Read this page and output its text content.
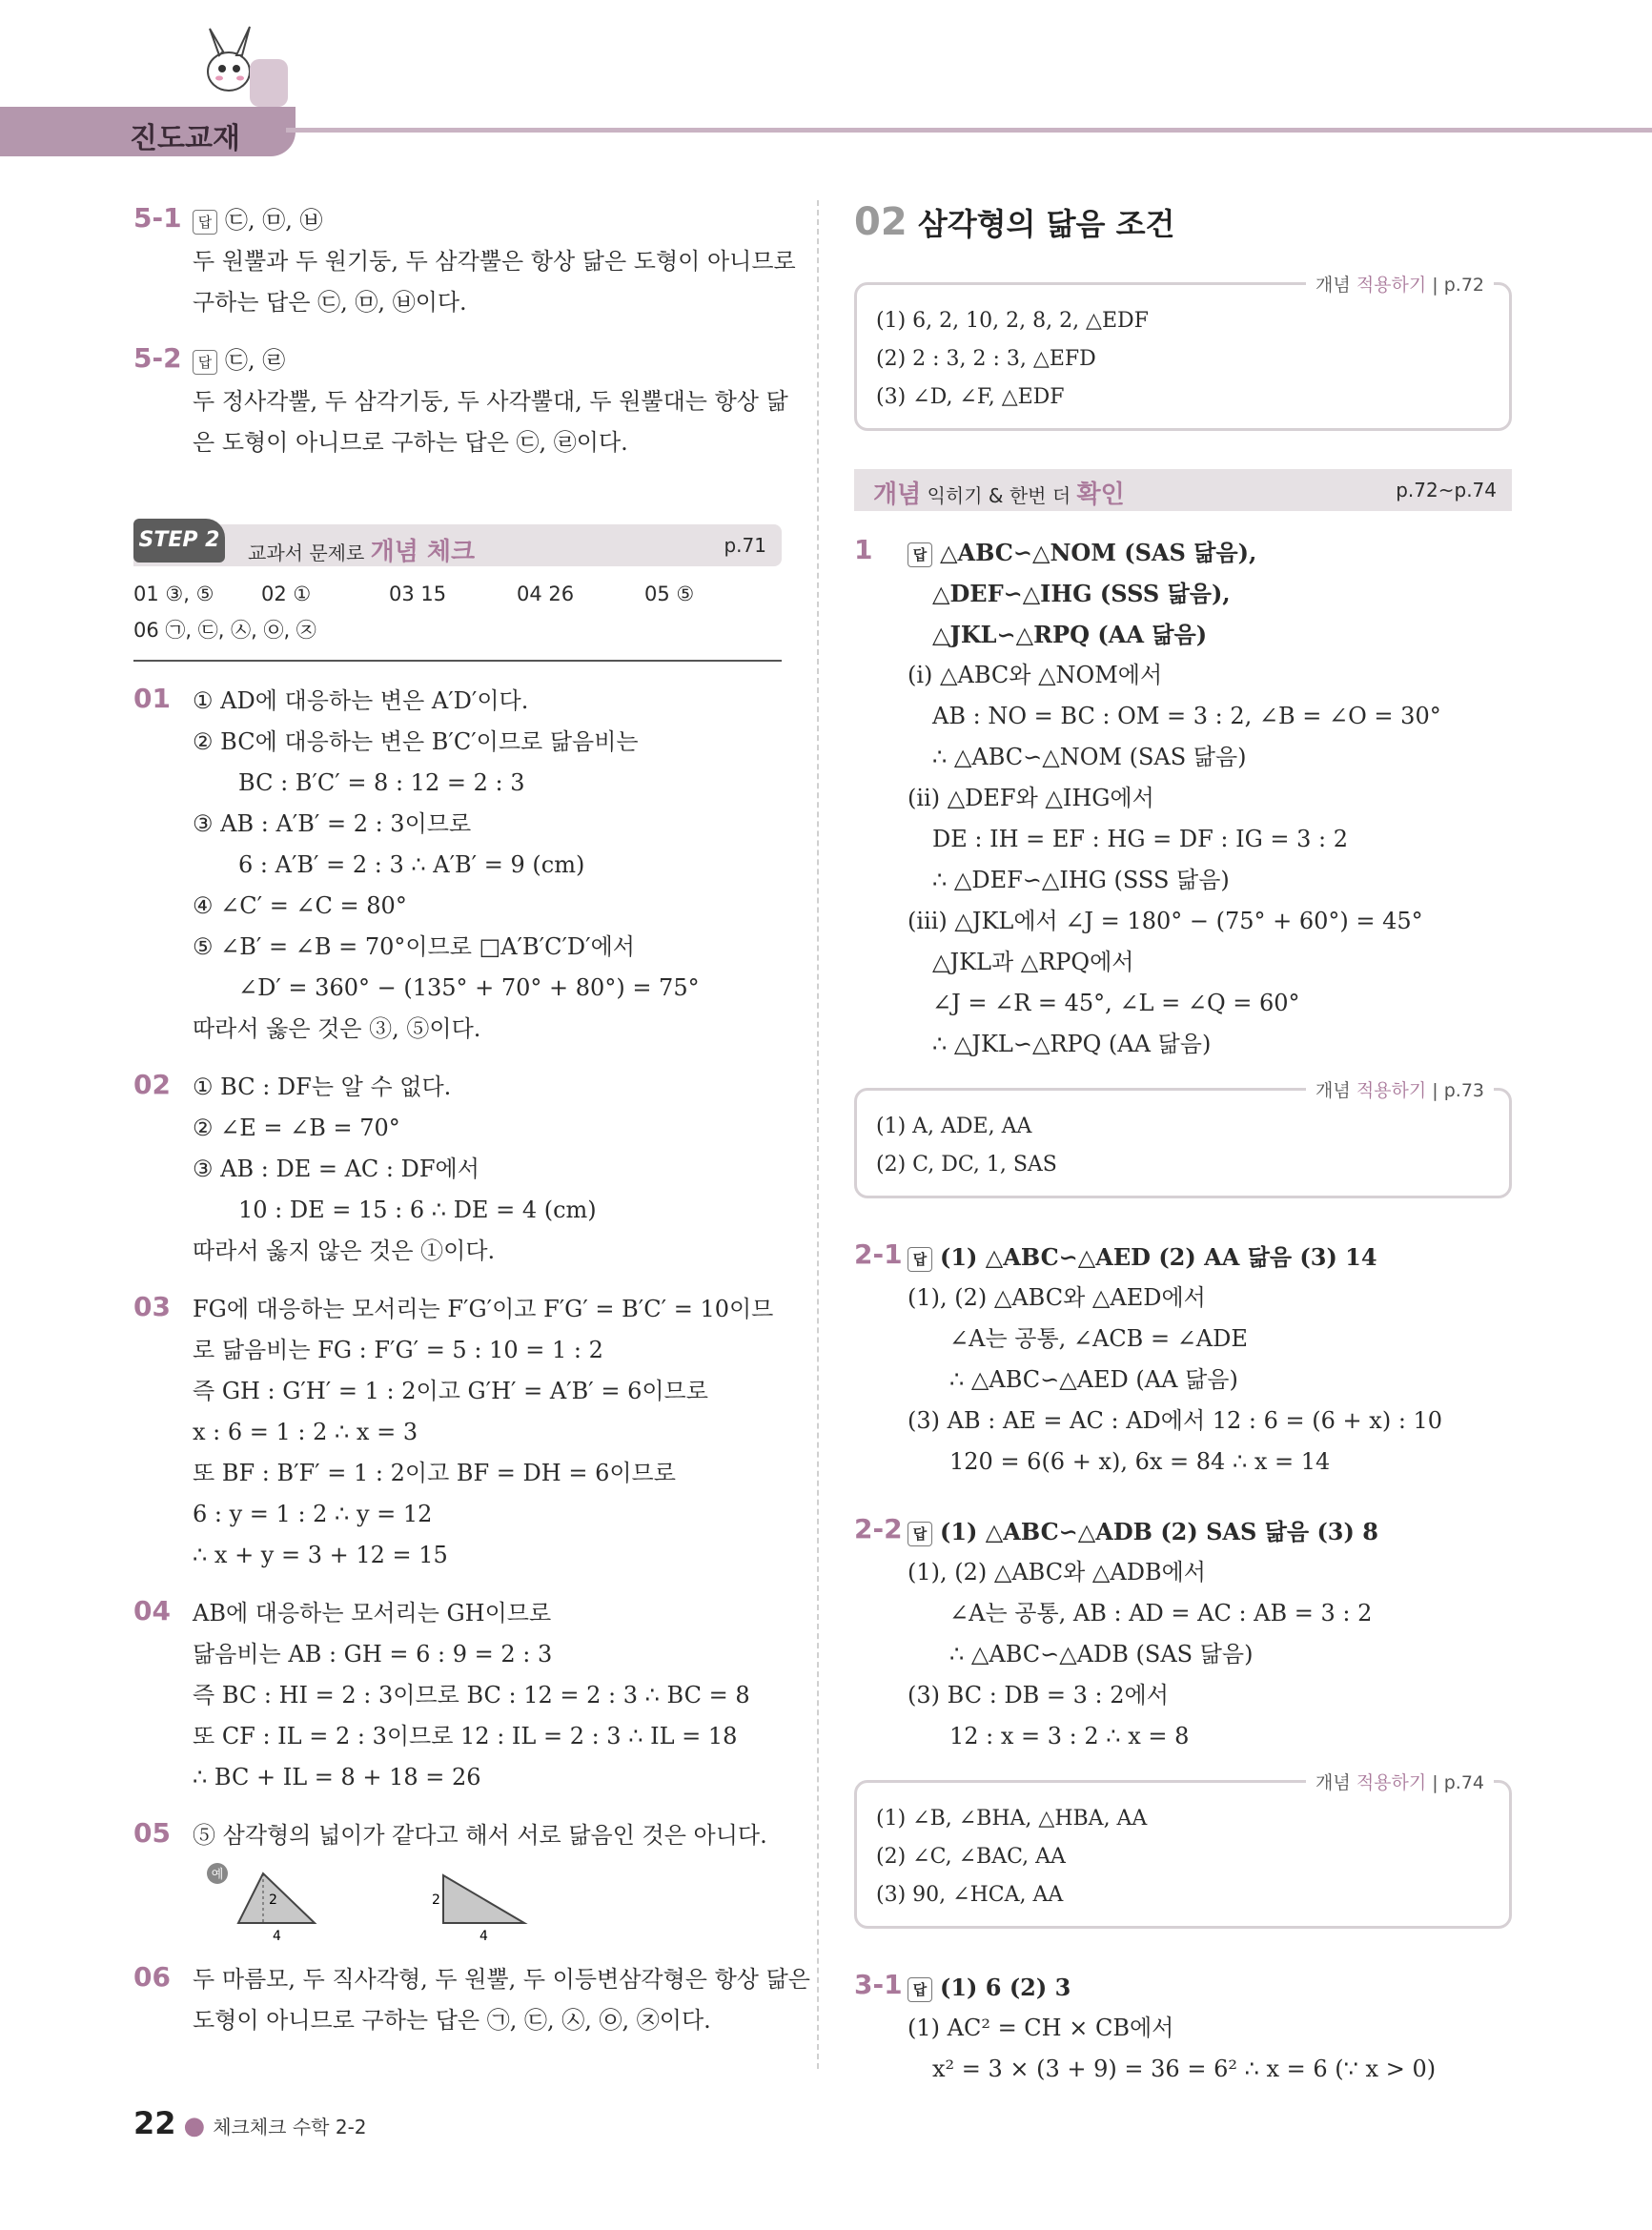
진도교재
5-1	답 ㉢, ㉤, ㉥
두 원뿔과 두 원기둥, 두 삼각뿔은 항상 닮은 도형이 아니므로
구하는 답은 ㉢, ㉤, ㉥이다.
5-2	답 ㉢, ㉣
두 정사각뿔, 두 삼각기둥, 두 사각뿔대, 두 원뿔대는 항상 닮
은 도형이 아니므로 구하는 답은 ㉢, ㉣이다.
STEP 2
교과서 문제로 개념 체크	p.71
01 ③, ⑤ 02 ①	03 15	04 26	05 ⑤
06 ㉠, ㉢, ㉦, ㉧, ㉨
01 ① AD에 대응하는 변은 A′D′이다.
② BC에 대응하는 변은 B′C′이므로 닮음비는
BC : B′C′ = 8 : 12 = 2 : 3
③ AB : A′B′ = 2 : 3이므로
6 : A′B′ = 2 : 3 ∴ A′B′ = 9 (cm)
④ ∠C′ = ∠C = 80°
⑤ ∠B′ = ∠B = 70°이므로 □A′B′C′D′에서
∠D′ = 360° − (135° + 70° + 80°) = 75°
따라서 옳은 것은 ③, ⑤이다.
02 ① BC : DF는 알 수 없다.
② ∠E = ∠B = 70°
③ AB : DE = AC : DF에서
10 : DE = 15 : 6 ∴ DE = 4 (cm)
따라서 옳지 않은 것은 ①이다.
03 FG에 대응하는 모서리는 F′G′이고 F′G′ = B′C′ = 10이므
로 닮음비는 FG : F′G′ = 5 : 10 = 1 : 2
즉 GH : G′H′ = 1 : 2이고 G′H′ = A′B′ = 6이므로
x : 6 = 1 : 2 ∴ x = 3
또 BF : B′F′ = 1 : 2이고 BF = DH = 6이므로
6 : y = 1 : 2 ∴ y = 12
∴ x + y = 3 + 12 = 15
04 AB에 대응하는 모서리는 GH이므로
닮음비는 AB : GH = 6 : 9 = 2 : 3
즉 BC : HI = 2 : 3이므로 BC : 12 = 2 : 3 ∴ BC = 8
또 CF : IL = 2 : 3이므로 12 : IL = 2 : 3 ∴ IL = 18
∴ BC + IL = 8 + 18 = 26
05 ⑤ 삼각형의 넓이가 같다고 해서 서로 닮음인 것은 아니다.
예
2
4
2
4
06 두 마름모, 두 직사각형, 두 원뿔, 두 이등변삼각형은 항상 닮은
도형이 아니므로 구하는 답은 ㉠, ㉢, ㉦, ㉧, ㉨이다.
02 삼각형의 닮음 조건
개념 적용하기 | p.72
(1) 6, 2, 10, 2, 8, 2, △EDF
(2) 2 : 3, 2 : 3, △EFD
(3) ∠D, ∠F, △EDF
개념 익히기 & 한번 더 확인	p.72~p.74
1	답 △ABC∽△NOM (SAS 닮음),
△DEF∽△IHG (SSS 닮음),
△JKL∽△RPQ (AA 닮음)
(ⅰ) △ABC와 △NOM에서
AB : NO = BC : OM = 3 : 2, ∠B = ∠O = 30°
∴ △ABC∽△NOM (SAS 닮음)
(ⅱ) △DEF와 △IHG에서
DE : IH = EF : HG = DF : IG = 3 : 2
∴ △DEF∽△IHG (SSS 닮음)
(ⅲ) △JKL에서 ∠J = 180° − (75° + 60°) = 45°
△JKL과 △RPQ에서
∠J = ∠R = 45°, ∠L = ∠Q = 60°
∴ △JKL∽△RPQ (AA 닮음)
개념 적용하기 | p.73
(1) A, ADE, AA
(2) C, DC, 1, SAS
2-1 답 (1) △ABC∽△AED (2) AA 닮음 (3) 14
(1), (2) △ABC와 △AED에서
∠A는 공통, ∠ACB = ∠ADE
∴ △ABC∽△AED (AA 닮음)
(3) AB : AE = AC : AD에서 12 : 6 = (6 + x) : 10
120 = 6(6 + x), 6x = 84 ∴ x = 14
2-2 답 (1) △ABC∽△ADB (2) SAS 닮음 (3) 8
(1), (2) △ABC와 △ADB에서
∠A는 공통, AB : AD = AC : AB = 3 : 2
∴ △ABC∽△ADB (SAS 닮음)
(3) BC : DB = 3 : 2에서
12 : x = 3 : 2 ∴ x = 8
개념 적용하기 | p.74
(1) ∠B, ∠BHA, △HBA, AA
(2) ∠C, ∠BAC, AA
(3) 90, ∠HCA, AA
3-1 답 (1) 6 (2) 3
(1) AC² = CH × CB에서
x² = 3 × (3 + 9) = 36 = 6² ∴ x = 6 (∵ x > 0)
22 ● 체크체크 수학 2-2
